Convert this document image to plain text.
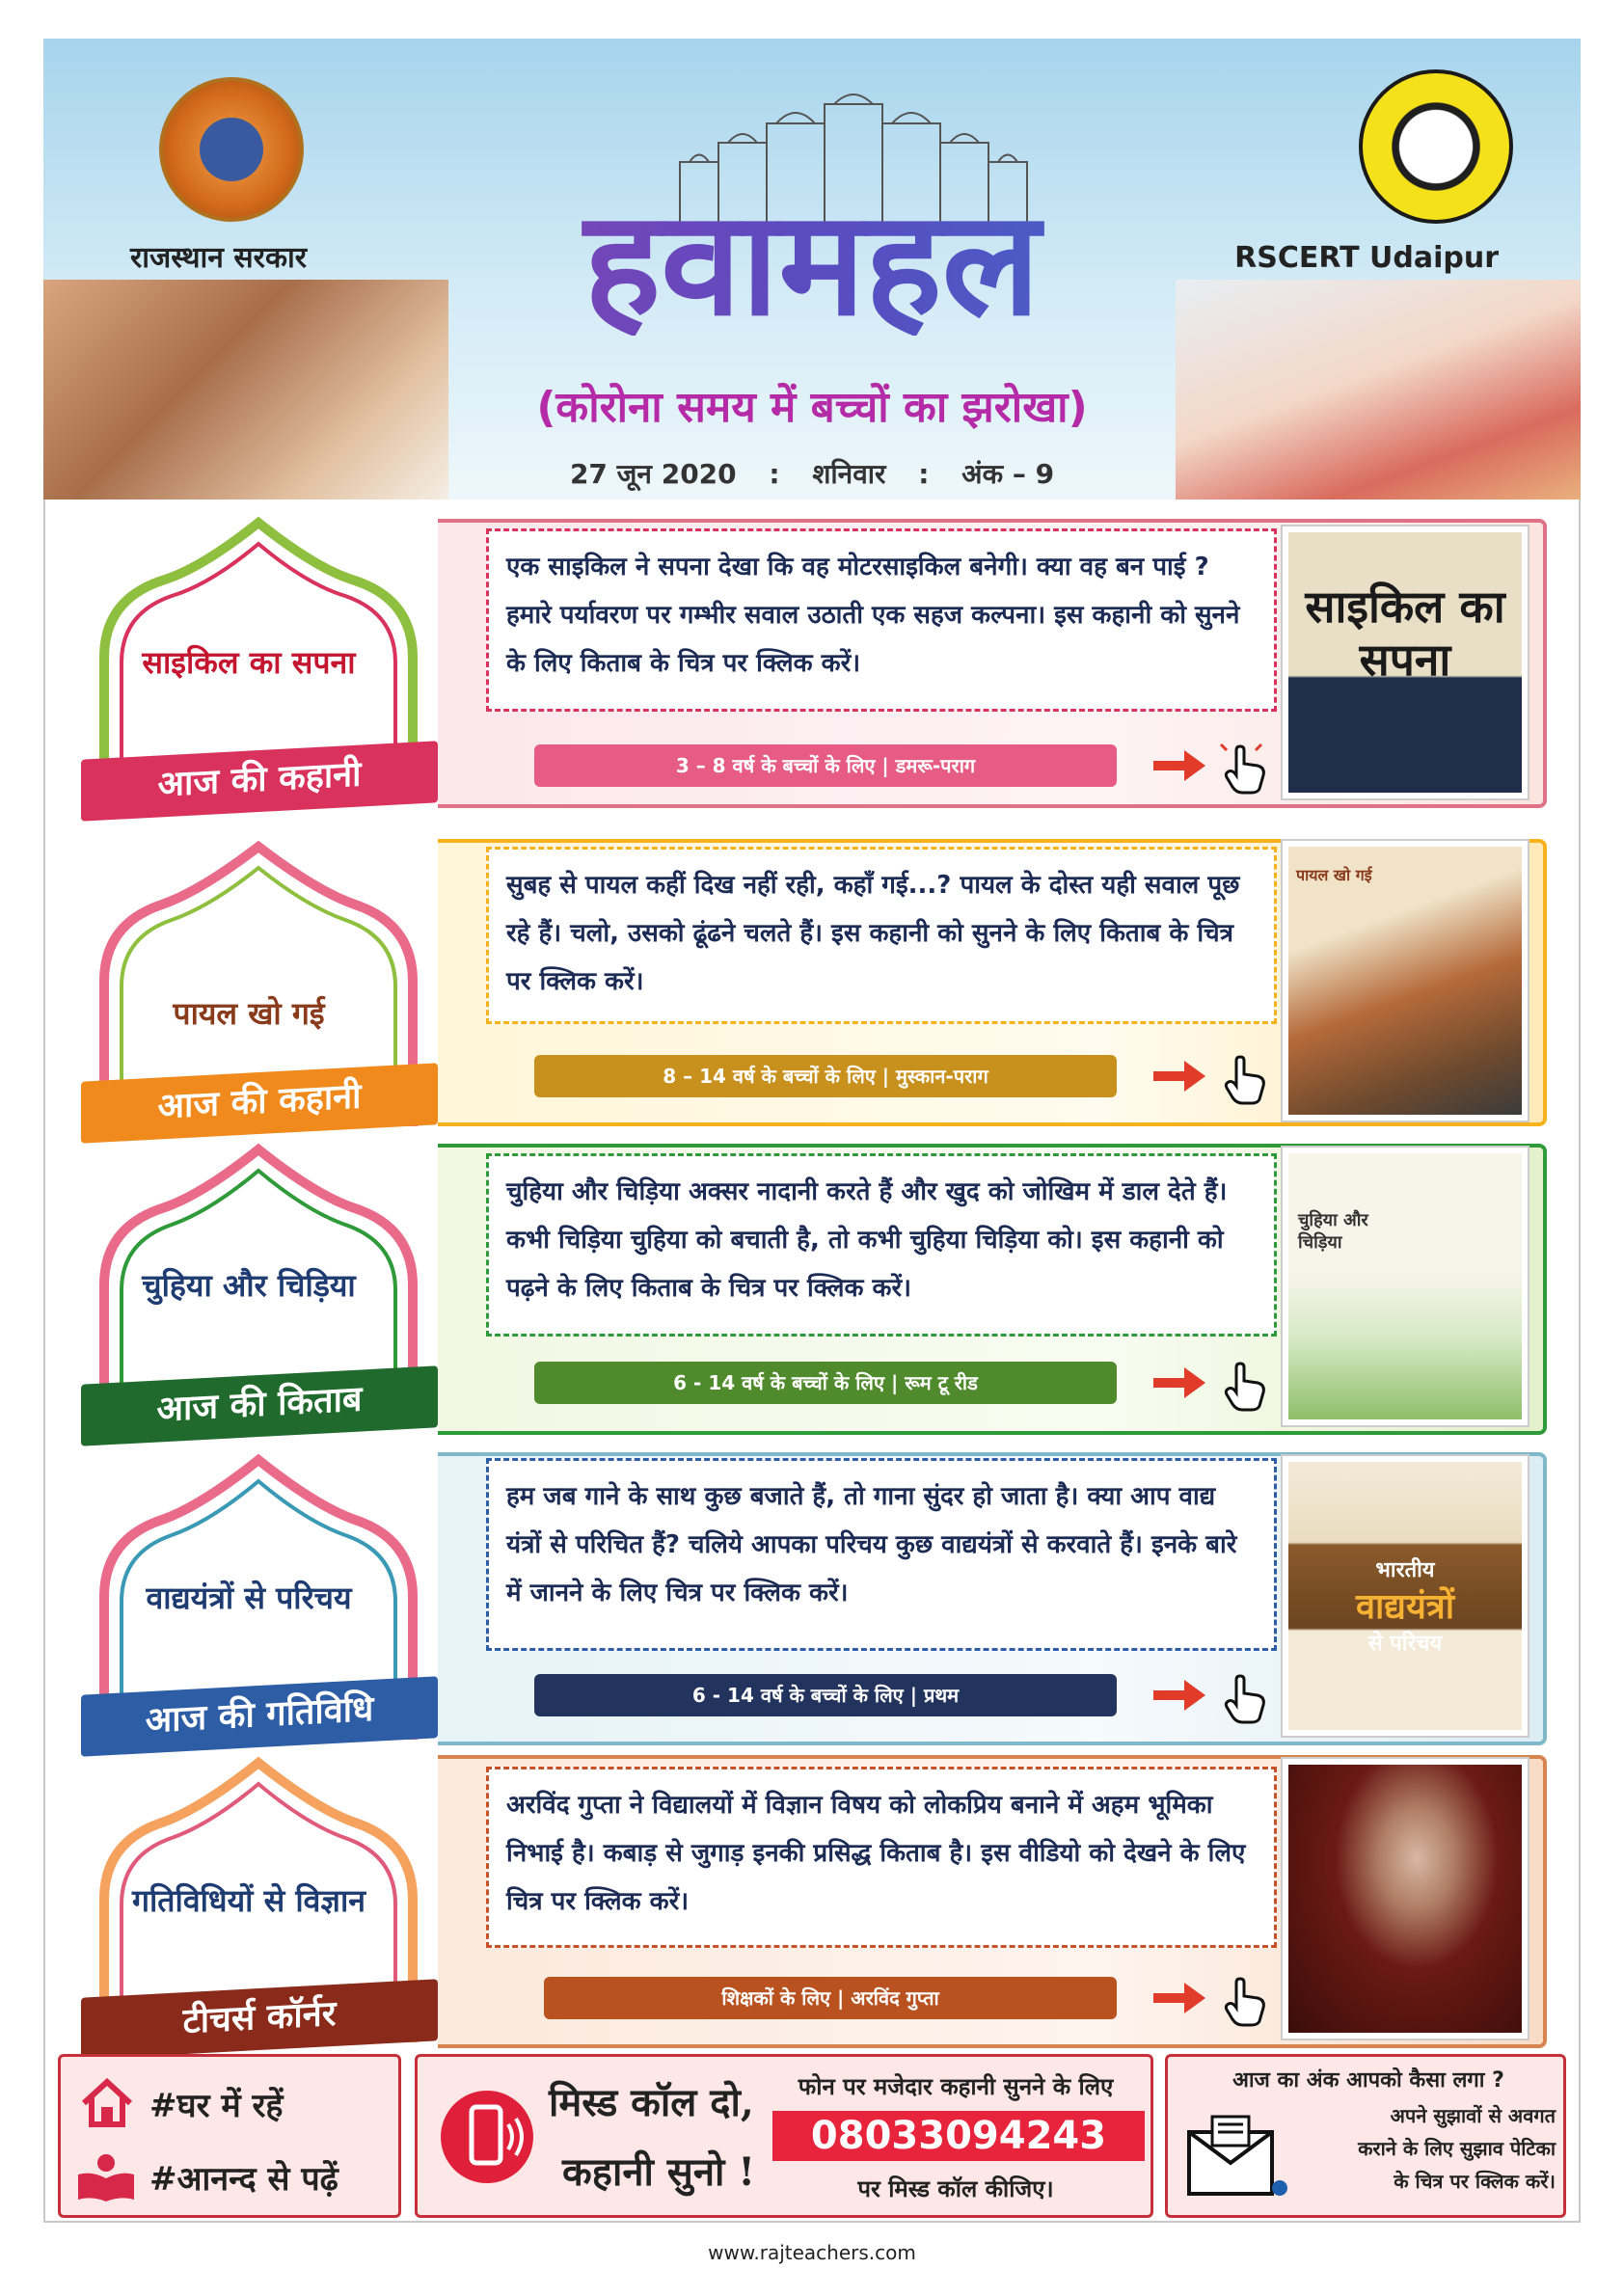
हवामहल
(कोरोना समय में बच्चों का झरोखा)
27 जून 2020 : शनिवार : अंक – 9
साइकिल का सपना
आज की कहानी
एक साइकिल ने सपना देखा कि वह मोटरसाइकिल बनेगी। क्या वह बन पाई ? हमारे पर्यावरण पर गम्भीर सवाल उठाती एक सहज कल्पना। इस कहानी को सुनने के लिए किताब के चित्र पर क्लिक करें।
3 – 8 वर्ष के बच्चों के लिए | डमरू-पराग
साइकिल का सपना
पायल खो गई
आज की कहानी
सुबह से पायल कहीं दिख नहीं रही, कहाँ गई...? पायल के दोस्त यही सवाल पूछ रहे हैं। चलो, उसको ढूंढने चलते हैं। इस कहानी को सुनने के लिए किताब के चित्र पर क्लिक करें।
8 – 14 वर्ष के बच्चों के लिए | मुस्कान-पराग
पायल खो गई
चुहिया और चिड़िया
आज की किताब
चुहिया और चिड़िया अक्सर नादानी करते हैं और खुद को जोखिम में डाल देते हैं। कभी चिड़िया चुहिया को बचाती है, तो कभी चुहिया चिड़िया को। इस कहानी को पढ़ने के लिए किताब के चित्र पर क्लिक करें।
6 - 14 वर्ष के बच्चों के लिए | रूम टू रीड
चुहिया और चिड़िया
वाद्ययंत्रों से परिचय
आज की गतिविधि
हम जब गाने के साथ कुछ बजाते हैं, तो गाना सुंदर हो जाता है। क्या आप वाद्य यंत्रों से परिचित हैं? चलिये आपका परिचय कुछ वाद्ययंत्रों से करवाते हैं। इनके बारे में जानने के लिए चित्र पर क्लिक करें।
6 - 14 वर्ष के बच्चों के लिए | प्रथम
भारतीय
वाद्ययंत्रों
से परिचय
गतिविधियों से विज्ञान
टीचर्स कॉर्नर
अरविंद गुप्ता ने विद्यालयों में विज्ञान विषय को लोकप्रिय बनाने में अहम भूमिका निभाई है। कबाड़ से जुगाड़ इनकी प्रसिद्ध किताब है। इस वीडियो को देखने के लिए चित्र पर क्लिक करें।
शिक्षकों के लिए | अरविंद गुप्ता
#घर में रहें
#आनन्द से पढ़ें
मिस्ड कॉल दो,
कहानी सुनो !
फोन पर मजेदार कहानी सुनने के लिए
08033094243
पर मिस्ड कॉल कीजिए।
आज का अंक आपको कैसा लगा ?
अपने सुझावों से अवगत
कराने के लिए सुझाव पेटिका
के चित्र पर क्लिक करें।
www.rajteachers.com
